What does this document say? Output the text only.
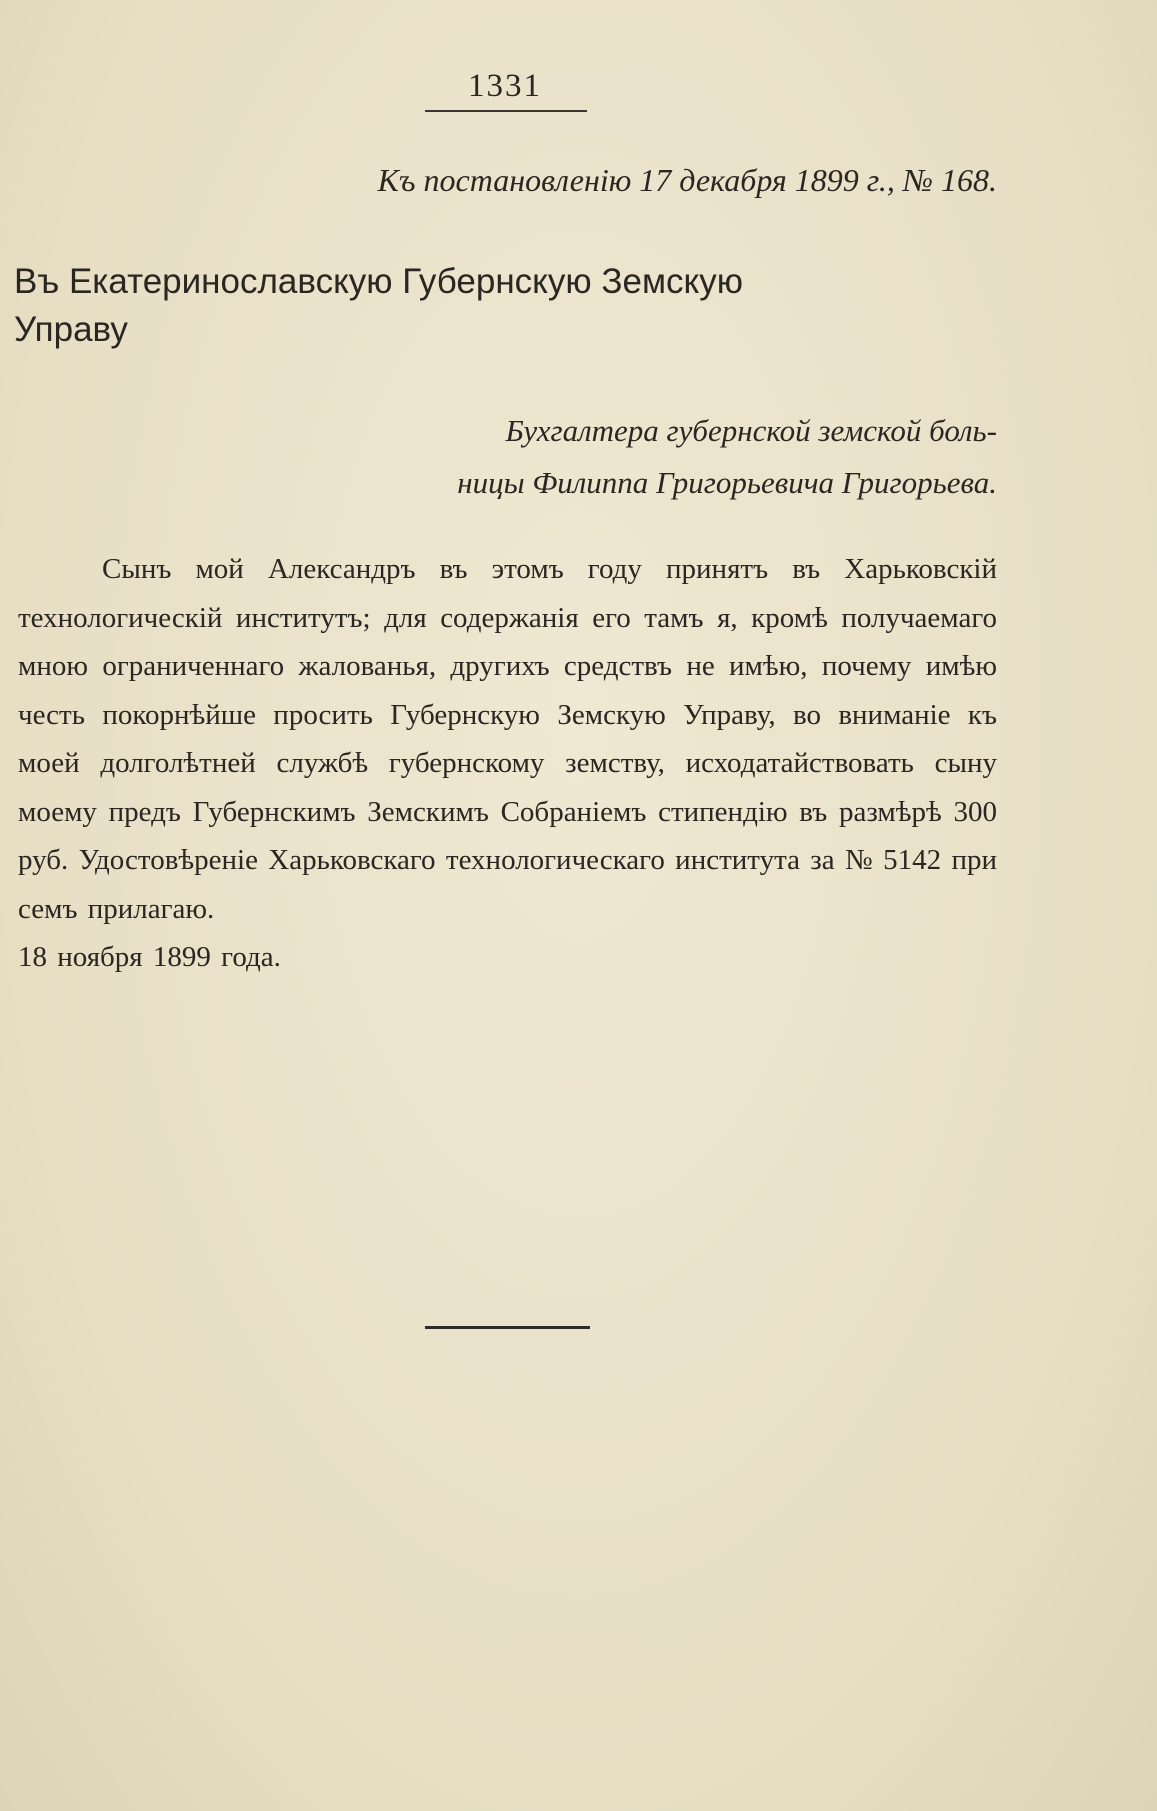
1331
Къ постановленію 17 декабря 1899 г., № 168.
Въ Екатеринославскую Губернскую Земскую
Управу
Бухгалтера губернской земской боль-
ницы Филиппа Григорьевича Григорьева.

Сынъ мой Александръ въ этомъ году принятъ въ Харьковскій технологическій институтъ; для содержанія его тамъ я, кромѣ получаемаго мною ограниченнаго жалованья, другихъ средствъ не имѣю, почему имѣю честь покорнѣйше просить Губернскую Земскую Управу, во вниманіе къ моей долголѣтней службѣ губернскому земству, исходатайствовать сыну моему предъ Губернскимъ Земскимъ Собраніемъ стипендію въ размѣрѣ 300 руб. Удостовѣреніе Харьковскаго технологическаго института за № 5142 при семъ прилагаю.

18 ноября 1899 года.
